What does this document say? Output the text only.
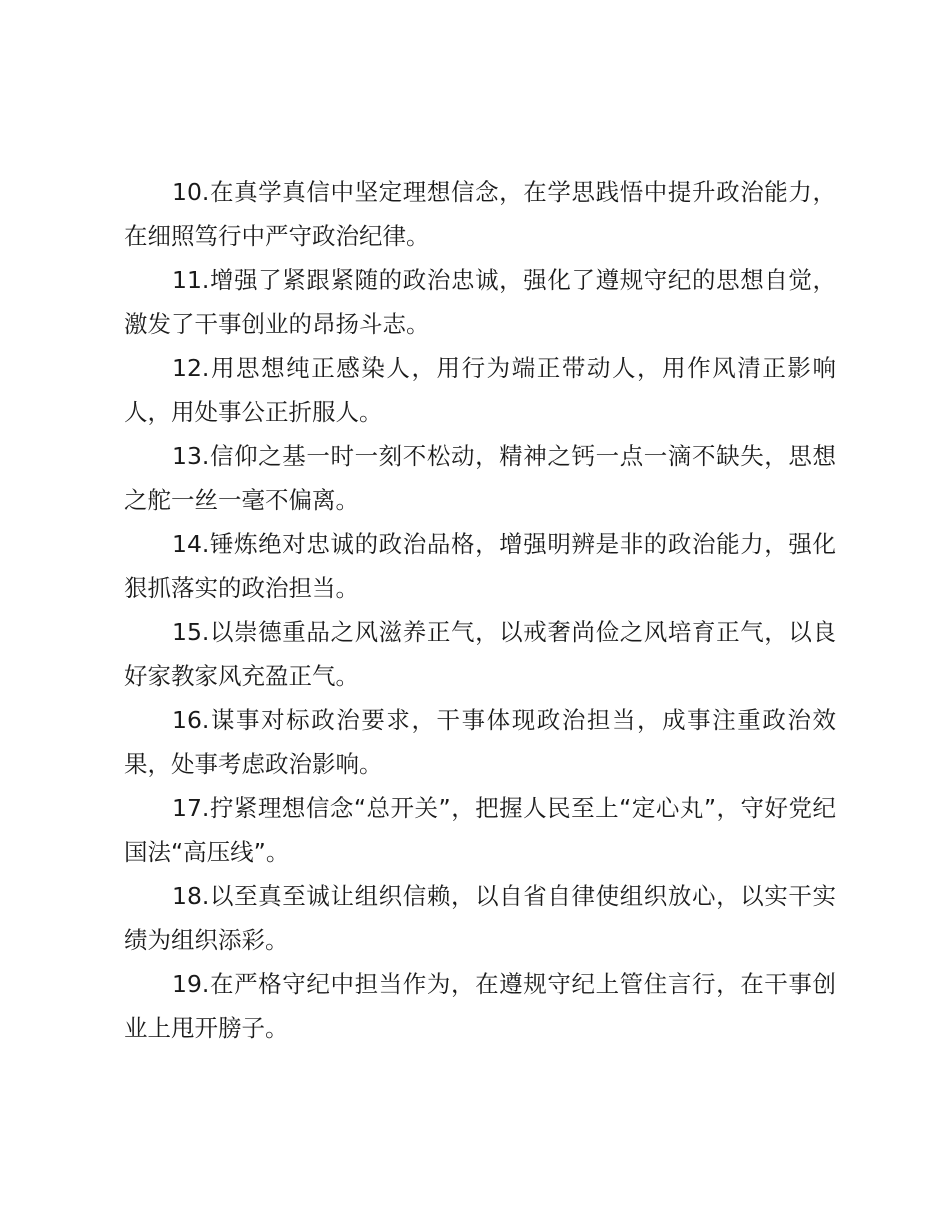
10.在真学真信中坚定理想信念，在学思践悟中提升政治能力，在细照笃行中严守政治纪律。

11.增强了紧跟紧随的政治忠诚，强化了遵规守纪的思想自觉，激发了干事创业的昂扬斗志。

12.用思想纯正感染人，用行为端正带动人，用作风清正影响人，用处事公正折服人。

13.信仰之基一时一刻不松动，精神之钙一点一滴不缺失，思想之舵一丝一毫不偏离。

14.锤炼绝对忠诚的政治品格，增强明辨是非的政治能力，强化狠抓落实的政治担当。

15.以崇德重品之风滋养正气，以戒奢尚俭之风培育正气，以良好家教家风充盈正气。

16.谋事对标政治要求，干事体现政治担当，成事注重政治效果，处事考虑政治影响。

17.拧紧理想信念“总开关”，把握人民至上“定心丸”，守好党纪国法“高压线”。

18.以至真至诚让组织信赖，以自省自律使组织放心，以实干实绩为组织添彩。

19.在严格守纪中担当作为，在遵规守纪上管住言行，在干事创业上甩开膀子。
